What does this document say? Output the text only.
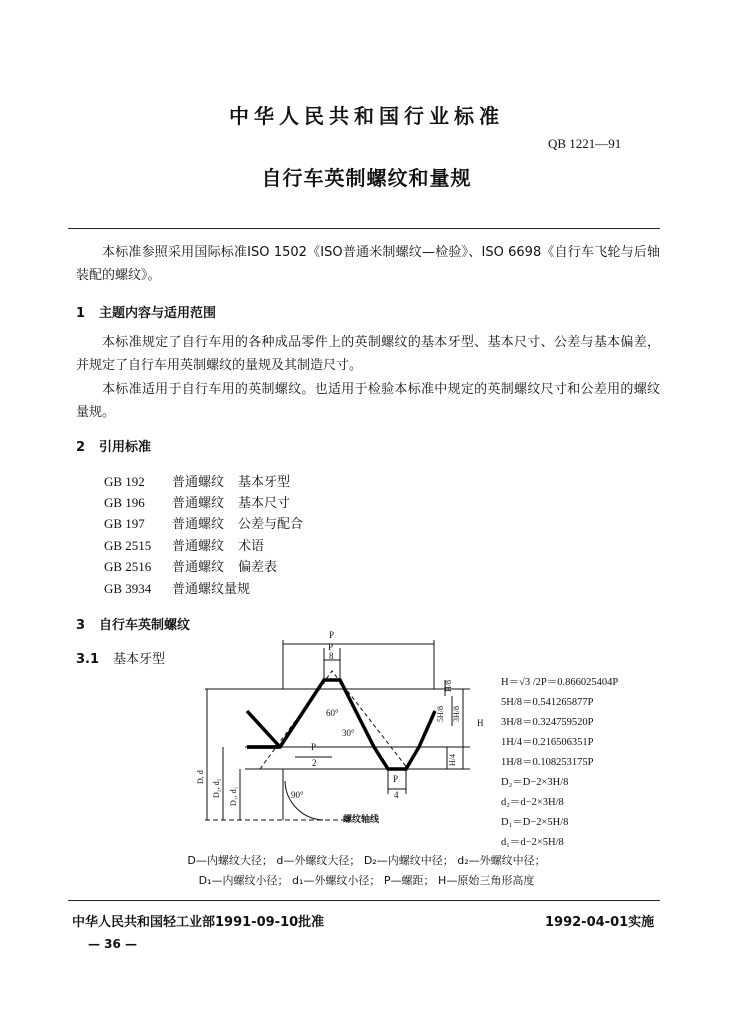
中华人民共和国行业标准
QB 1221—91
自行车英制螺纹和量规
本标准参照采用国际标准ISO 1502《ISO普通米制螺纹—检验》、ISO 6698《自行车飞轮与后轴装配的螺纹》。
1 主题内容与适用范围
本标准规定了自行车用的各种成品零件上的英制螺纹的基本牙型、基本尺寸、公差与基本偏差，并规定了自行车用英制螺纹的量规及其制造尺寸。
本标准适用于自行车用的英制螺纹。也适用于检验本标准中规定的英制螺纹尺寸和公差用的螺纹量规。
2 引用标准
GB 192 普通螺纹 基本牙型
GB 196 普通螺纹 基本尺寸
GB 197 普通螺纹 公差与配合
GB 2515 普通螺纹 术语
GB 2516 普通螺纹 偏差表
GB 3934 普通螺纹量规
3 自行车英制螺纹
3.1 基本牙型
P
P
8
60°
30°
P
2
P
4
90°
H
H/8
5H/8 3H/8
H/4
D, d
D₂, d₂ D₁, d₁
螺纹轴线
H＝√3 /2P＝0.866025404P
5H/8＝0.541265877P
3H/8＝0.324759520P
1H/4＝0.216506351P
1H/8＝0.108253175P
D₂＝D−2×3H/8
d₂＝d−2×3H/8
D₁＝D−2×5H/8
d₁＝d−2×5H/8
D—内螺纹大径； d—外螺纹大径； D₂—内螺纹中径； d₂—外螺纹中径；
D₁—内螺纹小径； d₁—外螺纹小径； P—螺距； H—原始三角形高度
中华人民共和国轻工业部1991-09-10批准	1992-04-01实施
— 36 —
